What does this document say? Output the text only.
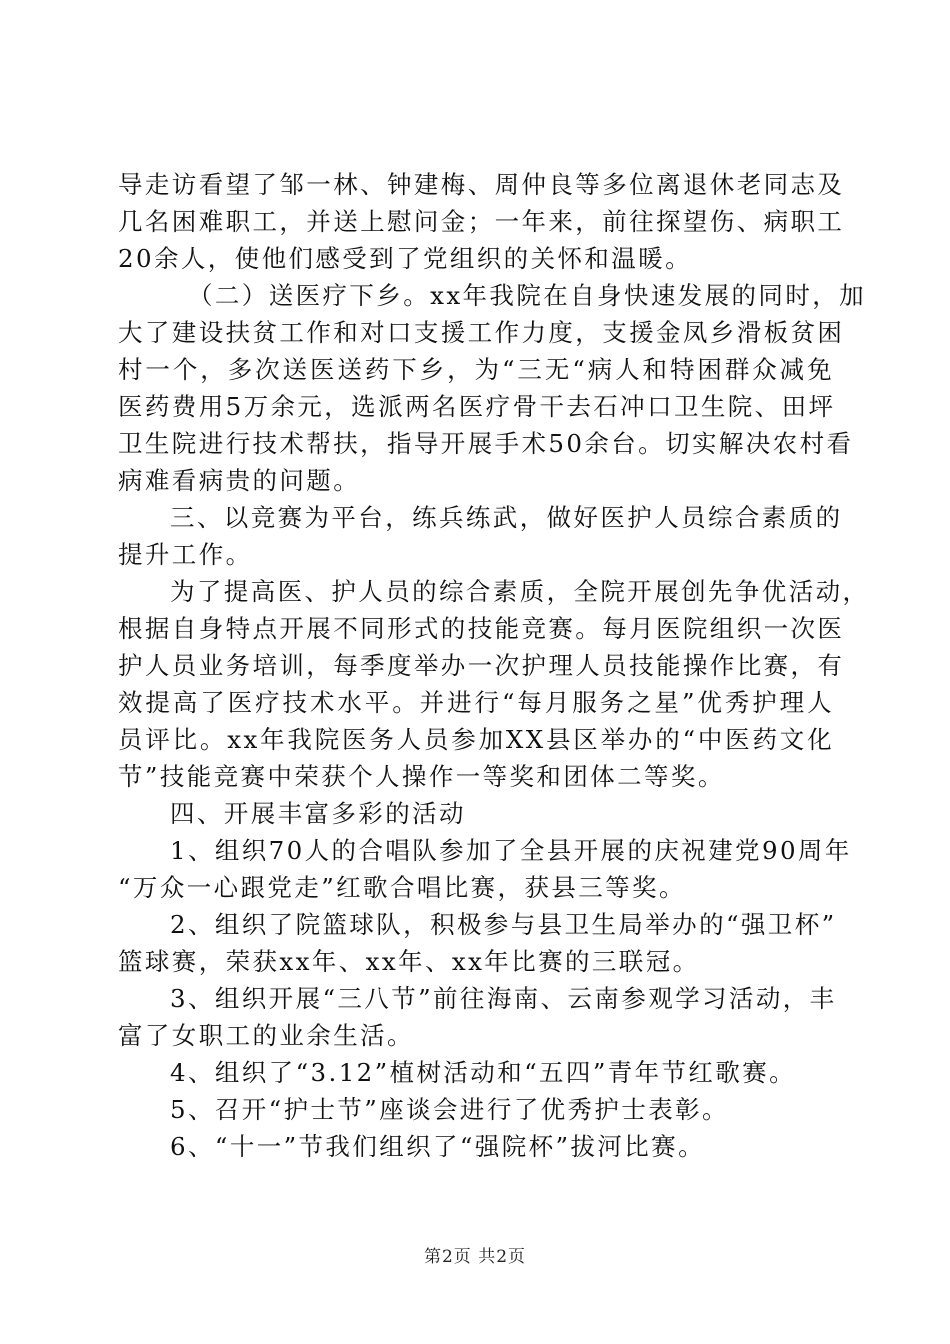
导走访看望了邹一林、钟建梅、周仲良等多位离退休老同志及
几名困难职工，并送上慰问金；一年来，前往探望伤、病职工
20余人，使他们感受到了党组织的关怀和温暖。
（二）送医疗下乡。xx年我院在自身快速发展的同时，加
大了建设扶贫工作和对口支援工作力度，支援金凤乡滑板贫困
村一个，多次送医送药下乡，为“三无“病人和特困群众减免
医药费用5万余元，选派两名医疗骨干去石冲口卫生院、田坪
卫生院进行技术帮扶，指导开展手术50余台。切实解决农村看
病难看病贵的问题。
三、以竞赛为平台，练兵练武，做好医护人员综合素质的
提升工作。
为了提高医、护人员的综合素质，全院开展创先争优活动，
根据自身特点开展不同形式的技能竞赛。每月医院组织一次医
护人员业务培训，每季度举办一次护理人员技能操作比赛，有
效提高了医疗技术水平。并进行“每月服务之星”优秀护理人
员评比。xx年我院医务人员参加XX县区举办的“中医药文化
节”技能竞赛中荣获个人操作一等奖和团体二等奖。
四、开展丰富多彩的活动
1、组织70人的合唱队参加了全县开展的庆祝建党90周年
“万众一心跟党走”红歌合唱比赛，获县三等奖。
2、组织了院篮球队，积极参与县卫生局举办的“强卫杯”
篮球赛，荣获xx年、xx年、xx年比赛的三联冠。
3、组织开展“三八节”前往海南、云南参观学习活动，丰
富了女职工的业余生活。
4、组织了“3.12”植树活动和“五四”青年节红歌赛。
5、召开“护士节”座谈会进行了优秀护士表彰。
6、“十一”节我们组织了“强院杯”拔河比赛。
第2页 共2页
